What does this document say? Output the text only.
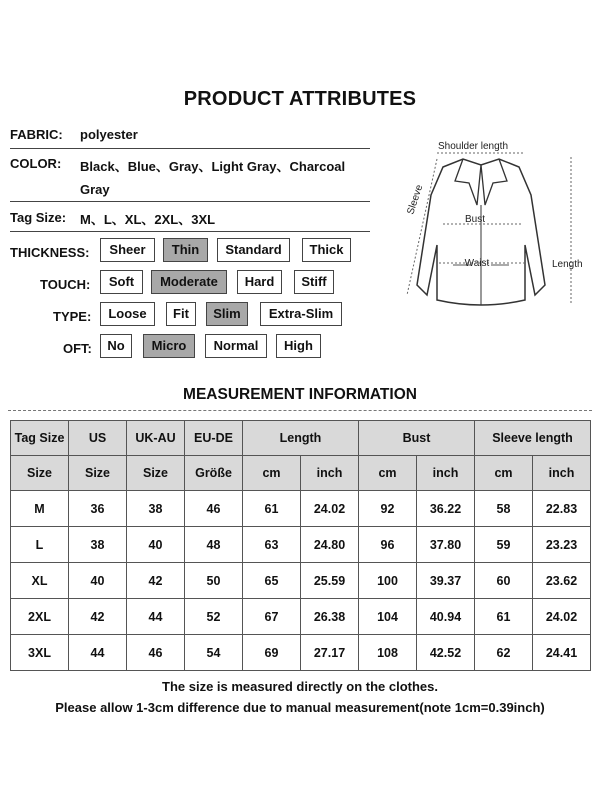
PRODUCT ATTRIBUTES
FABRIC: polyester
COLOR: Black、Blue、Gray、Light Gray、Charcoal
Gray
Tag Size: M、L、XL、2XL、3XL
THICKNESS:	Sheer	Thin	Standard	Thick
TOUCH:	Soft	Moderate	Hard	Stiff
TYPE:	Loose	Fit	Slim	Extra-Slim
OFT:	No	Micro	Normal	High
Shoulder length
Bust
Waist
Sleeve
Length
MEASUREMENT INFORMATION
Tag Size	US	UK-AU	EU-DE	Length		Bust		Sleeve length	
Size	Size	Size	Größe	cm	inch	cm	inch	cm	inch
M	36	38	46	61	24.02	92	36.22	58	22.83
L	38	40	48	63	24.80	96	37.80	59	23.23
XL	40	42	50	65	25.59	100	39.37	60	23.62
2XL	42	44	52	67	26.38	104	40.94	61	24.02
3XL	44	46	54	69	27.17	108	42.52	62	24.41
The size is measured directly on the clothes.
Please allow 1-3cm difference due to manual measurement(note 1cm=0.39inch)
